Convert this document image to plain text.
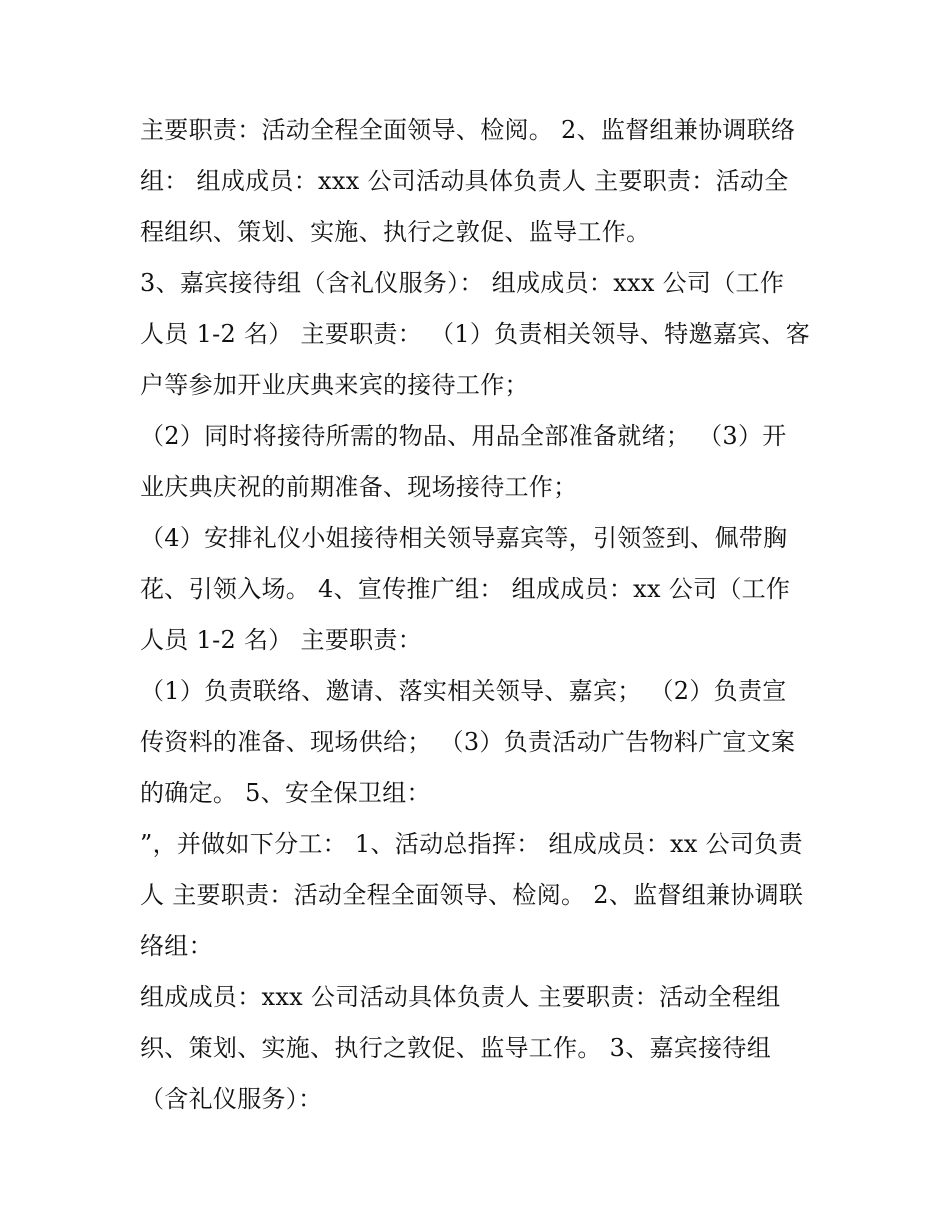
主要职责：活动全程全面领导、检阅。 2、监督组兼协调联络
组： 组成成员：xxx 公司活动具体负责人 主要职责：活动全
程组织、策划、实施、执行之敦促、监导工作。
3、嘉宾接待组（含礼仪服务）： 组成成员：xxx 公司（工作
人员 1-2 名） 主要职责： （1）负责相关领导、特邀嘉宾、客
户等参加开业庆典来宾的接待工作；
（2）同时将接待所需的物品、用品全部准备就绪； （3）开
业庆典庆祝的前期准备、现场接待工作；
（4）安排礼仪小姐接待相关领导嘉宾等，引领签到、佩带胸
花、引领入场。 4、宣传推广组： 组成成员：xx 公司（工作
人员 1-2 名） 主要职责：
（1）负责联络、邀请、落实相关领导、嘉宾； （2）负责宣
传资料的准备、现场供给； （3）负责活动广告物料广宣文案
的确定。 5、安全保卫组：
”，并做如下分工： 1、活动总指挥： 组成成员：xx 公司负责
人 主要职责：活动全程全面领导、检阅。 2、监督组兼协调联
络组：
组成成员：xxx 公司活动具体负责人 主要职责：活动全程组
织、策划、实施、执行之敦促、监导工作。 3、嘉宾接待组
（含礼仪服务）：
